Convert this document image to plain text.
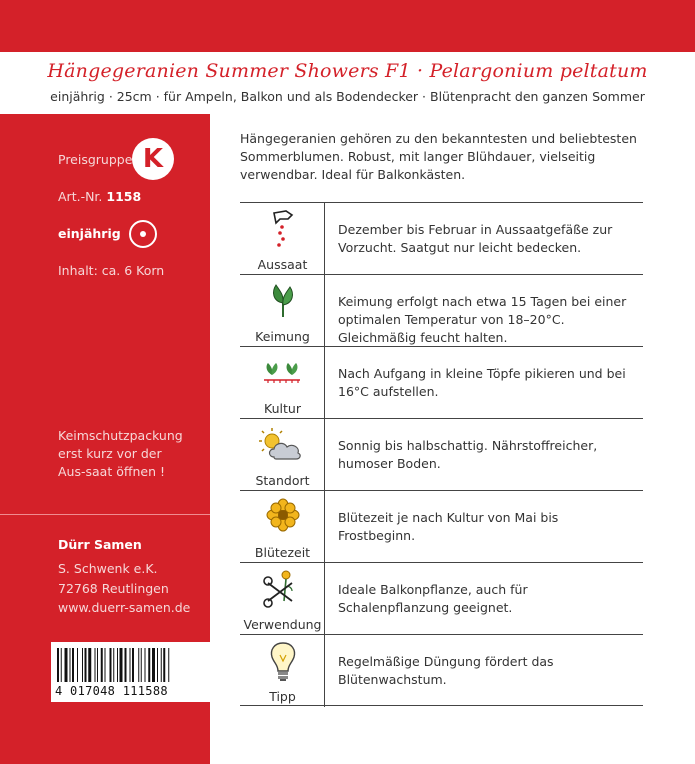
Hängegeranien Summer Showers F1 · Pelargonium peltatum
einjährig · 25cm · für Ampeln, Balkon und als Bodendecker · Blütenpracht den ganzen Sommer
Preisgruppe K
Art.-Nr. 1158
einjährig
Inhalt: ca. 6 Korn
Keimschutzpackung erst kurz vor der Aus-saat öffnen !
Dürr Samen
S. Schwenk e.K.
72768 Reutlingen
www.duerr-samen.de
4 017048 111588
Hängegeranien gehören zu den bekanntesten und beliebtesten Sommerblumen. Robust, mit langer Blühdauer, vielseitig verwendbar. Ideal für Balkonkästen.
Aussaat
Dezember bis Februar in Aussaatgefäße zur Vorzucht. Saatgut nur leicht bedecken.
Keimung
Keimung erfolgt nach etwa 15 Tagen bei einer optimalen Temperatur von 18–20°C. Gleichmäßig feucht halten.
Kultur
Nach Aufgang in kleine Töpfe pikieren und bei 16°C aufstellen.
Standort
Sonnig bis halbschattig. Nährstoffreicher, humoser Boden.
Blütezeit
Blütezeit je nach Kultur von Mai bis Frostbeginn.
Verwendung
Ideale Balkonpflanze, auch für Schalenpflanzung geeignet.
Tipp
Regelmäßige Düngung fördert das Blütenwachstum.
